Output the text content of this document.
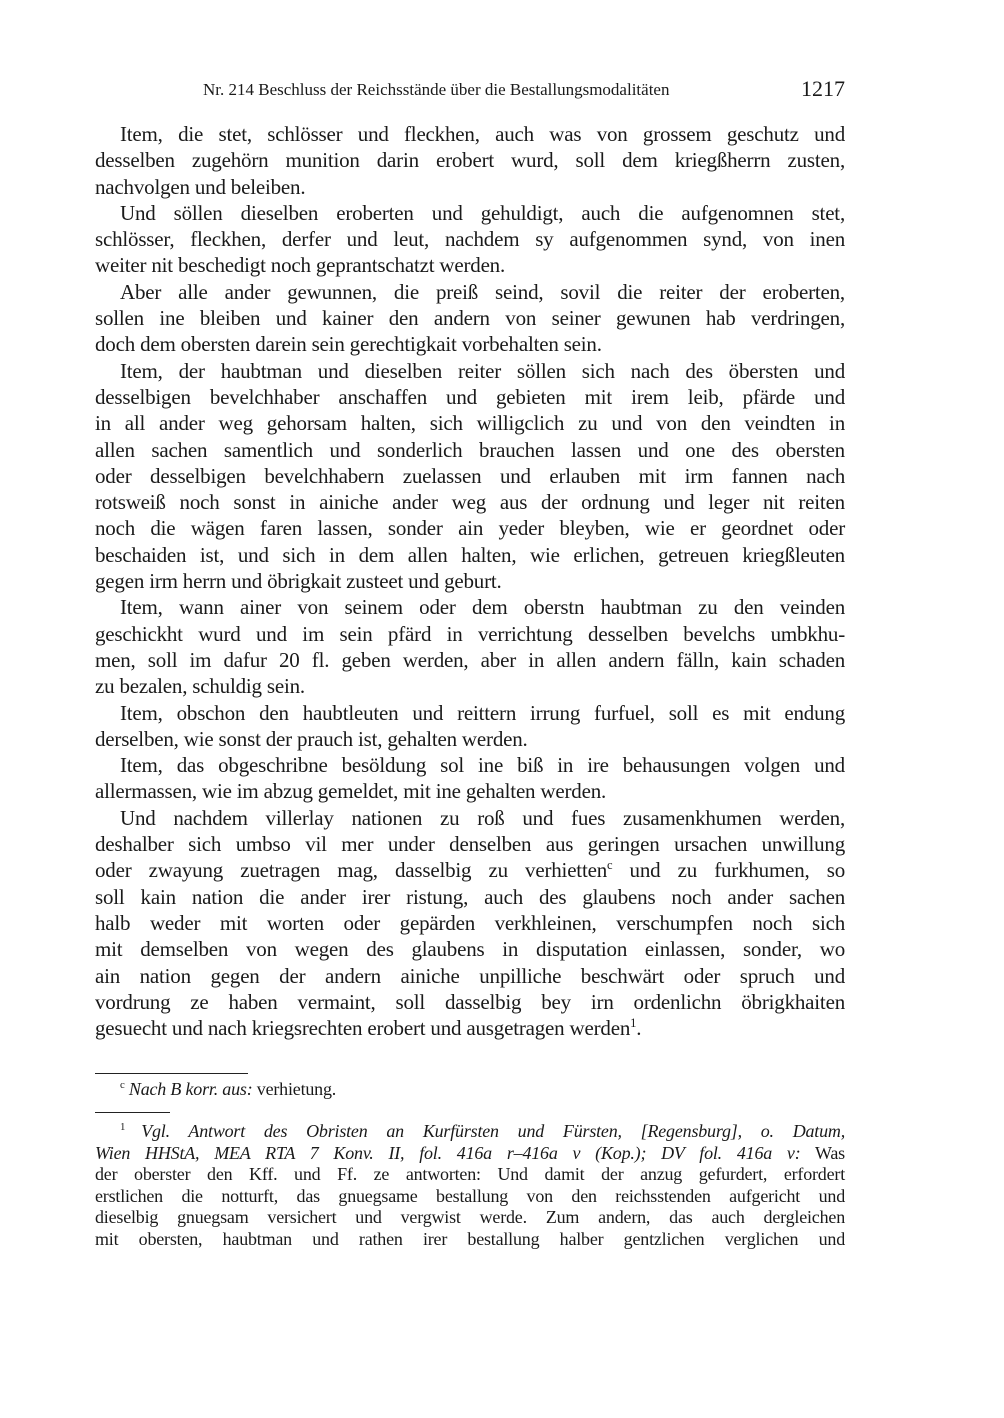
Nr. 214 Beschluss der Reichsstände über die Bestallungsmodalitäten	1217
Item, die stet, schlösser und fleckhen, auch was von grossem geschutz und
desselben zugehörn munition darin erobert wurd, soll dem kriegßherrn zusten,
nachvolgen und beleiben.
Und söllen dieselben eroberten und gehuldigt, auch die aufgenomnen stet,
schlösser, fleckhen, derfer und leut, nachdem sy aufgenommen synd, von inen
weiter nit beschedigt noch geprantschatzt werden.
Aber alle ander gewunnen, die preiß seind, sovil die reiter der eroberten,
sollen ine bleiben und kainer den andern von seiner gewunen hab verdringen,
doch dem obersten darein sein gerechtigkait vorbehalten sein.
Item, der haubtman und dieselben reiter söllen sich nach des öbersten und
desselbigen bevelchhaber anschaffen und gebieten mit irem leib, pfärde und
in all ander weg gehorsam halten, sich willigclich zu und von den veindten in
allen sachen samentlich und sonderlich brauchen lassen und one des obersten
oder desselbigen bevelchhabern zuelassen und erlauben mit irm fannen nach
rotsweiß noch sonst in ainiche ander weg aus der ordnung und leger nit reiten
noch die wägen faren lassen, sonder ain yeder bleyben, wie er geordnet oder
beschaiden ist, und sich in dem allen halten, wie erlichen, getreuen kriegßleuten
gegen irm herrn und öbrigkait zusteet und geburt.
Item, wann ainer von seinem oder dem oberstn haubtman zu den veinden
geschickht wurd und im sein pfärd in verrichtung desselben bevelchs umbkhu-
men, soll im dafur 20 fl. geben werden, aber in allen andern fälln, kain schaden
zu bezalen, schuldig sein.
Item, obschon den haubtleuten und reittern irrung furfuel, soll es mit endung
derselben, wie sonst der prauch ist, gehalten werden.
Item, das obgeschribne besöldung sol ine biß in ire behausungen volgen und
allermassen, wie im abzug gemeldet, mit ine gehalten werden.
Und nachdem villerlay nationen zu roß und fues zusamenkhumen werden,
deshalber sich umbso vil mer under denselben aus geringen ursachen unwillung
oder zwayung zuetragen mag, dasselbig zu verhietten$^c$ und zu furkhumen, so
soll kain nation die ander irer ristung, auch des glaubens noch ander sachen
halb weder mit worten oder gepärden verkhleinen, verschumpfen noch sich
mit demselben von wegen des glaubens in disputation einlassen, sonder, wo
ain nation gegen der andern ainiche unpilliche beschwärt oder spruch und
vordrung ze haben vermaint, soll dasselbig bey irn ordenlichn öbrigkhaiten
gesuecht und nach kriegsrechten erobert und ausgetragen werden$^1$.
$^c$ Nach B korr. aus: verhietung.
$^1$ Vgl. Antwort des Obristen an Kurfürsten und Fürsten, [Regensburg], o. Datum,
Wien HHStA, MEA RTA 7 Konv. II, fol. 416a r–416a v (Kop.); DV fol. 416a v: Was
der oberster den Kff. und Ff. ze antworten: Und damit der anzug gefurdert, erfordert
erstlichen die notturft, das gnuegsame bestallung von den reichsstenden aufgericht und
dieselbig gnuegsam versichert und vergwist werde. Zum andern, das auch dergleichen
mit obersten, haubtman und rathen irer bestallung halber gentzlichen verglichen und
